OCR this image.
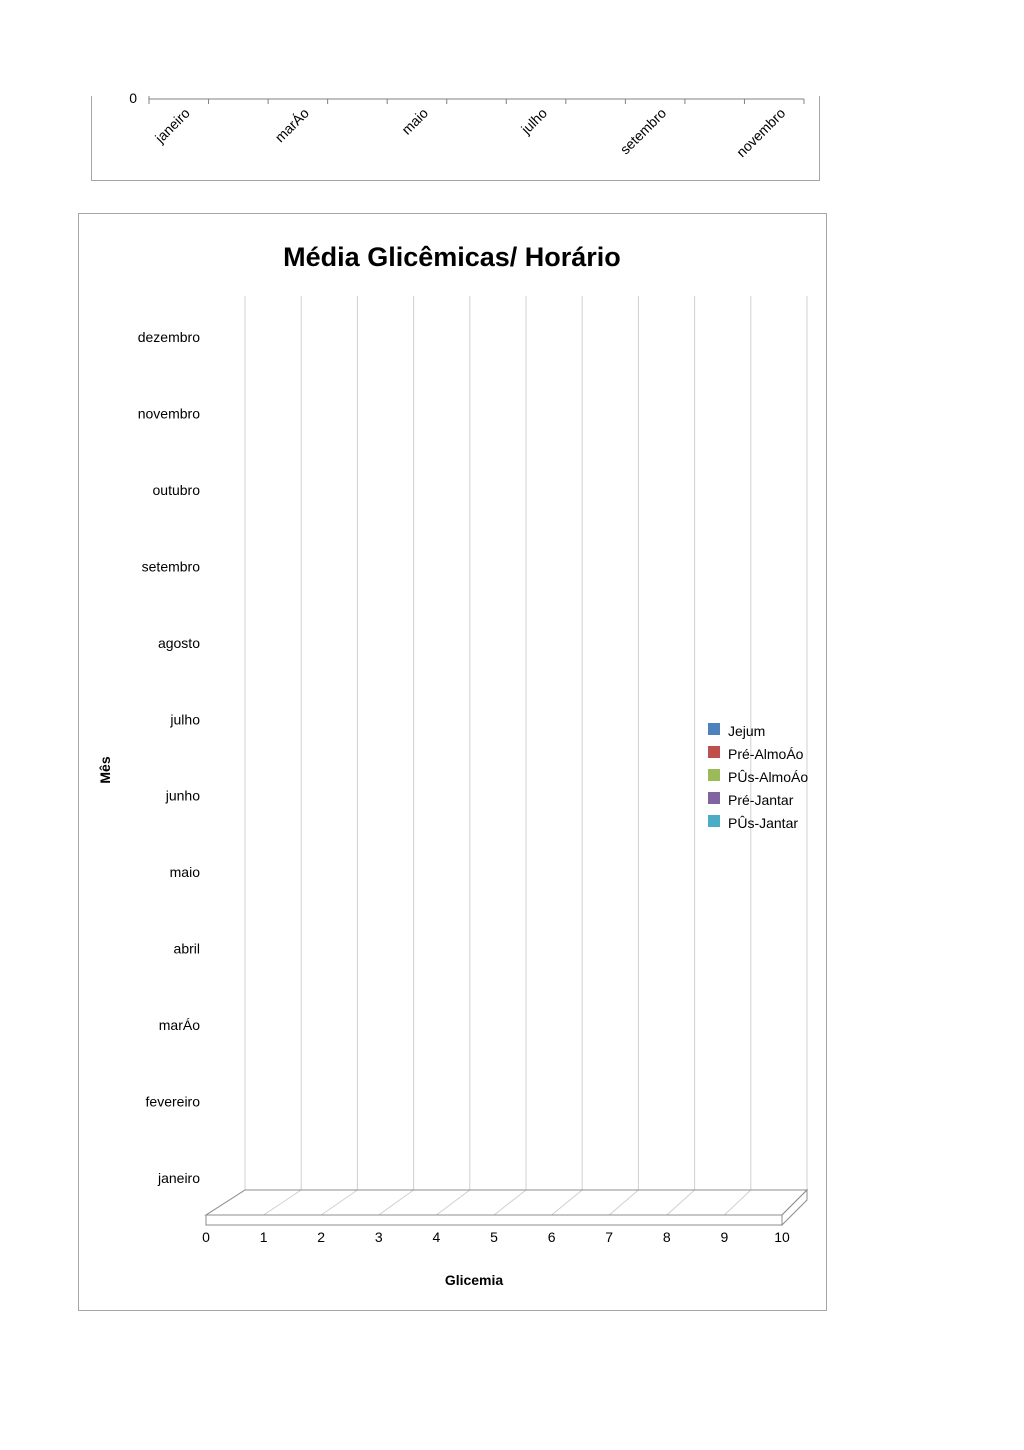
0
janeiro	marÁo	maio	julho	setembro	novembro
Média Glicêmicas/ Horário
Glicemia
Mês
0	1	2	3	4	5	6	7	8	9	10
janeiro
fevereiro
marÁo
abril
maio
junho
julho
agosto
setembro
outubro
novembro
dezembro
Jejum
Pré-AlmoÁo
PÛs-AlmoÁo
Pré-Jantar
PÛs-Jantar
